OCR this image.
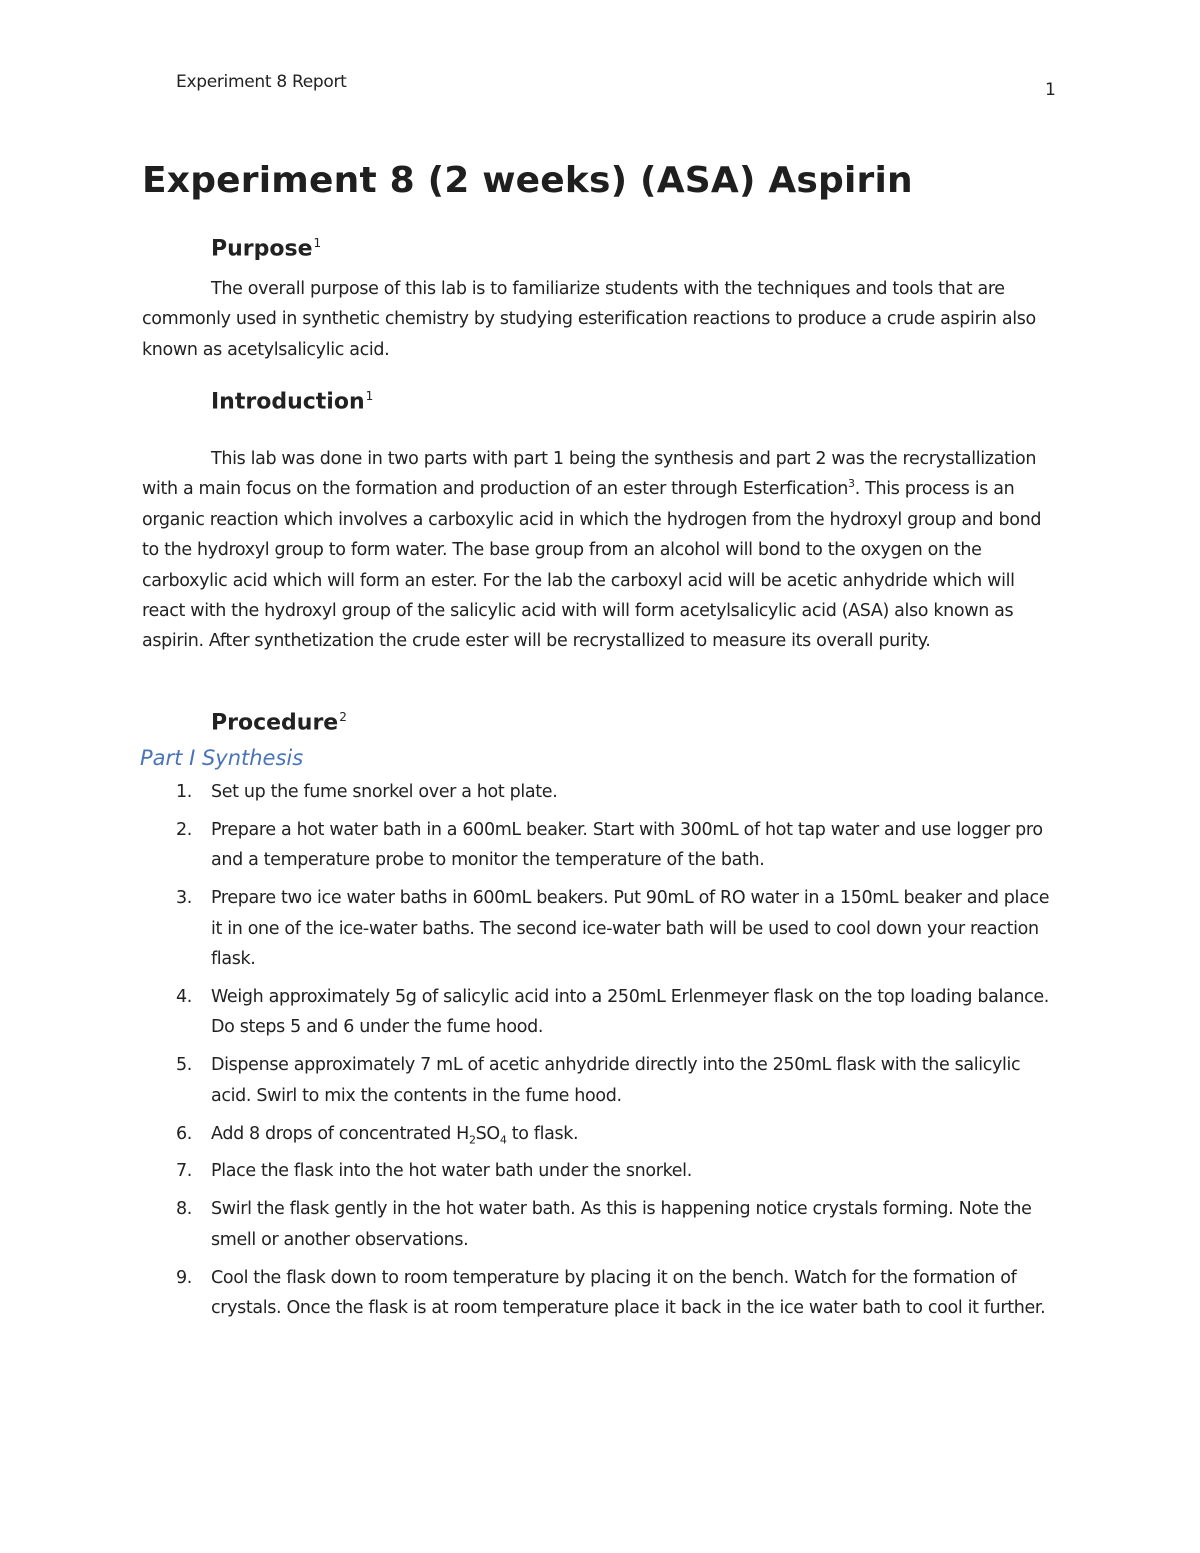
Experiment 8 Report	1
Experiment 8 (2 weeks) (ASA) Aspirin
Purpose$^1$

The overall purpose of this lab is to familiarize students with the techniques and tools that are commonly used in synthetic chemistry by studying esterification reactions to produce a crude aspirin also known as acetylsalicylic acid.

Introduction$^1$

This lab was done in two parts with part 1 being the synthesis and part 2 was the recrystallization with a main focus on the formation and production of an ester through Esterfication$^3$. This process is an organic reaction which involves a carboxylic acid in which the hydrogen from the hydroxyl group and bond to the hydroxyl group to form water. The base group from an alcohol will bond to the oxygen on the carboxylic acid which will form an ester. For the lab the carboxyl acid will be acetic anhydride which will react with the hydroxyl group of the salicylic acid with will form acetylsalicylic acid (ASA) also known as aspirin. After synthetization the crude ester will be recrystallized to measure its overall purity.

Procedure$^2$
Part I Synthesis
1. Set up the fume snorkel over a hot plate.
2. Prepare a hot water bath in a 600mL beaker. Start with 300mL of hot tap water and use logger pro and a temperature probe to monitor the temperature of the bath.
3. Prepare two ice water baths in 600mL beakers. Put 90mL of RO water in a 150mL beaker and place it in one of the ice-water baths. The second ice-water bath will be used to cool down your reaction flask.
4. Weigh approximately 5g of salicylic acid into a 250mL Erlenmeyer flask on the top loading balance. Do steps 5 and 6 under the fume hood.
5. Dispense approximately 7 mL of acetic anhydride directly into the 250mL flask with the salicylic acid. Swirl to mix the contents in the fume hood.
6. Add 8 drops of concentrated $H_2SO_4$ to flask.
7. Place the flask into the hot water bath under the snorkel.
8. Swirl the flask gently in the hot water bath. As this is happening notice crystals forming. Note the smell or another observations.
9. Cool the flask down to room temperature by placing it on the bench. Watch for the formation of crystals. Once the flask is at room temperature place it back in the ice water bath to cool it further.
